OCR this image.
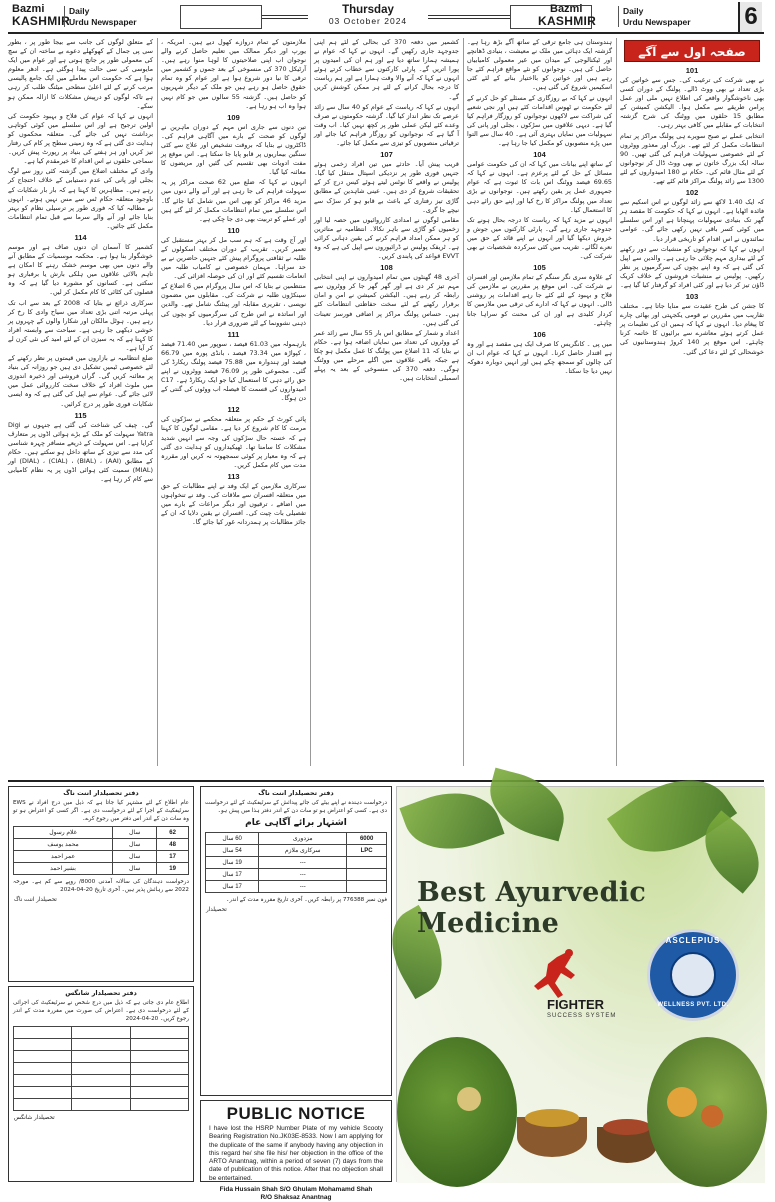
Bazmi
KASHMIR
Daily
Urdu Newspaper
Thursday
03 October 2024
Bazmi
KASHMIR
Daily
Urdu Newspaper 6

کے متعلق لوگوں کی جانب سے بیجا طور پر ، بطور سی پی جمال کے کھوکھلے دعوے بے ساختہ ان کے سچ کی معمولی طور پر جانچ ہوتی ہے اور عوام میں ایک مایوسی کی سی حالت پیدا ہوگئی ہے۔ ادھر معلوم ہوا ہے کہ حکومت اس معاملے میں ایک جامع پالیسی مرتب کرنے کے لئے اعلیٰ سطحی میٹنگ طلب کر رہی ہے تاکہ لوگوں کو درپیش مشکلات کا ازالہ ممکن ہو سکے۔

انہوں نے کہا کہ عوام کی فلاح و بہبود حکومت کی اولین ترجیح ہے اور اس سلسلے میں کوئی کوتاہی برداشت نہیں کی جائے گی۔ متعلقہ محکموں کو ہدایت دی گئی ہے کہ وہ زمینی سطح پر کام کی رفتار تیز کریں اور ہر ہفتے کی بنیاد پر رپورٹ پیش کریں۔ سماجی حلقوں نے اس اقدام کا خیرمقدم کیا ہے۔

وادی کے مختلف اضلاع میں گزشتہ کئی روز سے لوگ بجلی اور پانی کی عدم دستیابی کے خلاف احتجاج کر رہے ہیں۔ مظاہرین کا کہنا ہے کہ بار بار شکایات کے باوجود متعلقہ حکام ٹس سے مس نہیں ہوتے۔ انہوں نے مطالبہ کیا کہ فوری طور پر ترسیلی نظام کو بہتر بنایا جائے اور آنے والے سرما سے قبل تمام انتظامات مکمل کئے جائیں۔

114

کشمیر کا آسمان ان دنوں صاف ہے اور موسم خوشگوار بنا ہوا ہے۔ محکمہ موسمیات کے مطابق آنے والے دنوں میں بھی موسم خشک رہنے کا امکان ہے تاہم بالائی علاقوں میں ہلکی بارش یا برفباری ہو سکتی ہے۔ کسانوں کو مشورہ دیا گیا ہے کہ وہ فصلوں کی کٹائی کا کام مکمل کر لیں۔

سرکاری ذرائع نے بتایا کہ 2008 کے بعد سے اب تک پہلی مرتبہ اتنی بڑی تعداد میں سیاح وادی کا رخ کر رہے ہیں۔ ہوٹل مالکان اور شکارا والوں کے چہروں پر خوشی دیکھی جا رہی ہے۔ سیاحت سے وابستہ افراد کا کہنا ہے کہ یہ سیزن ان کے لئے امید کی نئی کرن لے کر آیا ہے۔

ضلع انتظامیہ نے بازاروں میں قیمتوں پر نظر رکھنے کے لئے خصوصی ٹیمیں تشکیل دی ہیں جو روزانہ کی بنیاد پر معائنہ کریں گی۔ گراں فروشی اور ذخیرہ اندوزی میں ملوث افراد کے خلاف سخت کارروائی عمل میں لائی جائے گی۔ عوام سے اپیل کی گئی ہے کہ وہ ایسی شکایات فوری طور پر درج کرائیں۔

115

گی۔ چیف کی شناخت کی گئی ہے جنہوں نے Digi Yatra سہولت کو ملک کے بڑے ہوائی اڈوں پر متعارف کرایا ہے۔ اس سہولت کے ذریعے مسافر چہرہ شناسی کی مدد سے تیزی کے ساتھ داخل ہو سکتے ہیں۔ حکام کے مطابق (AAI) ، (BIAL) ، (CIAL) ، (DIAL) اور (MIAL) سمیت کئی ہوائی اڈوں پر یہ نظام کامیابی سے کام کر رہا ہے۔

ملازمتوں کے تمام دروازے کھول دیے ہیں۔ امریکہ ، یورپ اور دیگر ممالک میں تعلیم حاصل کرنے والے نوجوان اب اپنی صلاحیتوں کا لوہا منوا رہے ہیں۔ آرٹیکل 370 کی منسوخی کے بعد جموں و کشمیر میں ترقی کا نیا دور شروع ہوا ہے اور عوام کو وہ تمام حقوق حاصل ہو رہے ہیں جو ملک کے دیگر شہریوں کو حاصل ہیں۔ گزشتہ 55 سالوں میں جو کام نہیں ہوا وہ اب ہو رہا ہے۔

109

تین دنوں سے جاری اس مہم کے دوران ماہرین نے لوگوں کو صحت کے بارے میں آگاہی فراہم کی۔ ڈاکٹروں نے بتایا کہ بروقت تشخیص اور علاج سے کئی سنگین بیماریوں پر قابو پایا جا سکتا ہے۔ اس موقع پر مفت ادویات بھی تقسیم کی گئیں اور مریضوں کا معائنہ کیا گیا۔

انہوں نے کہا کہ ضلع میں 62 صحت مراکز پر یہ سہولت فراہم کی جا رہی ہے اور آنے والے دنوں میں مزید 46 مراکز کو بھی اس میں شامل کیا جائے گا۔ اس سلسلے میں تمام انتظامات مکمل کر لئے گئے ہیں اور عملے کو تربیت بھی دی جا چکی ہے۔

110

اور آج وقت ہے کہ ہم سب مل کر بہتر مستقبل کی تعمیر کریں۔ تقریب کے دوران مختلف اسکولوں کے طلبہ نے ثقافتی پروگرام پیش کئے جنہیں حاضرین نے بے حد سراہا۔ مہمان خصوصی نے کامیاب طلبہ میں انعامات تقسیم کئے اور ان کی حوصلہ افزائی کی۔

منتظمین نے بتایا کہ اس سال پروگرام میں 6 اضلاع کے سینکڑوں طلبہ نے شرکت کی۔ مقابلوں میں مضمون نویسی ، تقریری مقابلہ اور پینٹنگ شامل تھے۔ والدین اور اساتذہ نے اس طرح کی سرگرمیوں کو بچوں کی ذہنی نشوونما کے لئے ضروری قرار دیا۔

111

بارہمولہ میں 61.03 فیصد ، سوپور میں 71.40 فیصد ، کپواڑہ میں 73.34 فیصد ، بانڈی پورہ میں 66.79 فیصد اور ہندوارہ میں 75.88 فیصد پولنگ ریکارڈ کی گئی۔ مجموعی طور پر 76.09 فیصد ووٹروں نے اپنے حق رائے دہی کا استعمال کیا جو ایک ریکارڈ ہے۔ C17 امیدواروں کی قسمت کا فیصلہ اب ووٹوں کی گنتی کے دن ہوگا۔

112

پائی کورٹ کے حکم پر متعلقہ محکمے نے سڑکوں کی مرمت کا کام شروع کر دیا ہے۔ مقامی لوگوں کا کہنا ہے کہ خستہ حال سڑکوں کی وجہ سے انہیں شدید مشکلات کا سامنا تھا۔ ٹھیکیداروں کو ہدایت دی گئی ہے کہ وہ معیار پر کوئی سمجھوتہ نہ کریں اور مقررہ مدت میں کام مکمل کریں۔

113

سرکاری ملازمین کے ایک وفد نے اپنے مطالبات کے حق میں متعلقہ افسران سے ملاقات کی۔ وفد نے تنخواہوں میں اضافے ، ترقیوں اور دیگر مراعات کے بارے میں تفصیلی بات چیت کی۔ افسران نے یقین دلایا کہ ان کے جائز مطالبات پر ہمدردانہ غور کیا جائے گا۔

کشمیر میں دفعہ 370 کی بحالی کے لئے ہم اپنی جدوجہد جاری رکھیں گے۔ انہوں نے کہا کہ عوام نے ہمیشہ ہمارا ساتھ دیا ہے اور ہم ان کی امیدوں پر پورا اتریں گے۔ پارٹی کارکنوں سے خطاب کرتے ہوئے انہوں نے کہا کہ آنے والا وقت ہمارا ہے اور ہم ریاست کا درجہ بحال کرانے کے لئے ہر ممکن کوشش کریں گے۔

انہوں نے کہا کہ ریاست کے عوام کو 40 سال سے زائد عرصے تک نظر انداز کیا گیا۔ گزشتہ حکومتوں نے صرف وعدے کئے لیکن عملی طور پر کچھ نہیں کیا۔ اب وقت آ گیا ہے کہ نوجوانوں کو روزگار فراہم کیا جائے اور ترقیاتی منصوبوں کو تیزی سے مکمل کیا جائے۔

107

قریب پیش آیا۔ حادثے میں تین افراد زخمی ہوئے جنہیں فوری طور پر نزدیکی اسپتال منتقل کیا گیا۔ پولیس نے واقعے کا نوٹس لیتے ہوئے کیس درج کر کے تحقیقات شروع کر دی ہیں۔ عینی شاہدین کے مطابق گاڑی تیز رفتاری کے باعث بے قابو ہو کر سڑک سے نیچے جا گری۔

مقامی لوگوں نے امدادی کارروائیوں میں حصہ لیا اور زخمیوں کو گاڑی سے باہر نکالا۔ انتظامیہ نے متاثرین کو ہر ممکن امداد فراہم کرنے کی یقین دہانی کرائی ہے۔ ٹریفک پولیس نے ڈرائیوروں سے اپیل کی ہے کہ وہ EVVT قواعد کی پابندی کریں۔

108

آخری 48 گھنٹوں میں تمام امیدواروں نے اپنی انتخابی مہم تیز کر دی ہے اور گھر گھر جا کر ووٹروں سے رابطہ کر رہے ہیں۔ الیکشن کمیشن نے امن و امان برقرار رکھنے کے لئے سخت حفاظتی انتظامات کئے ہیں۔ حساس پولنگ مراکز پر اضافی فورسز تعینات کی گئی ہیں۔

اعداد و شمار کے مطابق اس بار 55 سال سے زائد عمر کے ووٹروں کی تعداد میں نمایاں اضافہ ہوا ہے۔ حکام نے بتایا کہ 11 اضلاع میں پولنگ کا عمل مکمل ہو چکا ہے جبکہ باقی علاقوں میں اگلے مرحلے میں ووٹنگ ہوگی۔ دفعہ 370 کی منسوخی کے بعد یہ پہلے اسمبلی انتخابات ہیں۔

ہندوستان ہی جامع ترقی کے ساتھ آگے بڑھ رہا ہے۔ گزشتہ ایک دہائی میں ملک نے معیشت ، بنیادی ڈھانچے اور ٹیکنالوجی کے میدان میں غیر معمولی کامیابیاں حاصل کی ہیں۔ نوجوانوں کو نئے مواقع فراہم کئے جا رہے ہیں اور خواتین کو بااختیار بنانے کے لئے کئی اسکیمیں شروع کی گئی ہیں۔

انہوں نے کہا کہ بے روزگاری کے مسئلے کو حل کرنے کے لئے حکومت نے ٹھوس اقدامات کئے ہیں اور نجی شعبے کی شراکت سے لاکھوں نوجوانوں کو روزگار فراہم کیا گیا ہے۔ دیہی علاقوں میں سڑکوں ، بجلی اور پانی کی سہولیات میں نمایاں بہتری آئی ہے۔ 40 سال سے التوا میں پڑے منصوبوں کو مکمل کیا جا رہا ہے۔

104

کے ساتھ اپنے بیانات میں کہا کہ ان کی حکومت عوامی مسائل کے حل کے لئے پرعزم ہے۔ انہوں نے کہا کہ 69.65 فیصد ووٹنگ اس بات کا ثبوت ہے کہ عوام جمہوری عمل پر یقین رکھتے ہیں۔ نوجوانوں نے بڑی تعداد میں پولنگ مراکز کا رخ کیا اور اپنے حق رائے دہی کا استعمال کیا۔

انہوں نے مزید کہا کہ ریاست کا درجہ بحال ہونے تک جدوجہد جاری رہے گی۔ پارٹی کارکنوں میں جوش و خروش دیکھا گیا اور انہوں نے اپنے قائد کے حق میں نعرے لگائے۔ تقریب میں کئی سرکردہ شخصیات نے بھی شرکت کی۔

105

کے علاوہ سری نگر سنگم کے تمام ملازمین اور افسران نے شرکت کی۔ اس موقع پر مقررین نے ملازمین کی فلاح و بہبود کے لئے کئے جا رہے اقدامات پر روشنی ڈالی۔ انہوں نے کہا کہ ادارے کی ترقی میں ملازمین کا کردار کلیدی ہے اور ان کی محنت کو سراہا جانا چاہئے۔

106

میں پی ۔ کانگریس کا صرف ایک ہی مقصد ہے اور وہ ہے اقتدار حاصل کرنا۔ انہوں نے کہا کہ عوام اب ان کی چالوں کو سمجھ چکے ہیں اور انہیں دوبارہ دھوکہ نہیں دیا جا سکتا۔

صفحہ اول سے آگے
101

نے بھی شرکت کی ترغیب کی۔ جس سے خواتین کی بڑی تعداد نے بھی ووٹ ڈالے۔ پولنگ کے دوران کسی بھی ناخوشگوار واقعے کی اطلاع نہیں ملی اور عمل پرامن طریقے سے مکمل ہوا۔ الیکشن کمیشن کے مطابق 15 حلقوں میں ووٹنگ کی شرح گزشتہ انتخابات کے مقابلے میں کافی بہتر رہی۔

انتخابی عملے نے صبح سویرے ہی پولنگ مراکز پر تمام انتظامات مکمل کر لئے تھے۔ بزرگ اور معذور ووٹروں کے لئے خصوصی سہولیات فراہم کی گئی تھیں۔ 90 سالہ ایک بزرگ خاتون نے بھی ووٹ ڈال کر نوجوانوں کے لئے مثال قائم کی۔ حکام نے 180 امیدواروں کے لئے 1300 سے زائد پولنگ مراکز قائم کئے تھے۔

102

کہ ایک 1.40 لاکھ سے زائد لوگوں نے اس اسکیم سے فائدہ اٹھایا ہے۔ انہوں نے کہا کہ حکومت کا مقصد ہر گھر تک بنیادی سہولیات پہنچانا ہے اور اس سلسلے میں کوئی کسر باقی نہیں رکھی جائے گی۔ عوامی نمائندوں نے اس اقدام کو تاریخی قرار دیا۔

انہوں نے کہا کہ نوجوانوں کو منشیات سے دور رکھنے کے لئے بیداری مہم چلائی جا رہی ہے۔ والدین سے اپیل کی گئی ہے کہ وہ اپنے بچوں کی سرگرمیوں پر نظر رکھیں۔ پولیس نے منشیات فروشوں کے خلاف کریک ڈاؤن تیز کر دیا ہے اور کئی افراد کو گرفتار کیا گیا ہے۔

103

کا جشن کی طرح عقیدت سے منایا جاتا ہے۔ مختلف تقاریب میں مقررین نے قومی یکجہتی اور بھائی چارے کا پیغام دیا۔ انہوں نے کہا کہ ہمیں ان کی تعلیمات پر عمل کرتے ہوئے معاشرے سے برائیوں کا خاتمہ کرنا چاہئے۔ اس موقع پر 140 کروڑ ہندوستانیوں کی خوشحالی کے لئے دعا کی گئی۔

دفتر تحصیلدار اننت ناگ
عام اطلاع کے لئے مشتہر کیا جاتا ہے کہ ذیل میں درج افراد نے EWS سرٹیفکیٹ کے اجرا کے لئے درخواست دی ہے۔ اگر کسی کو اعتراض ہو تو وہ سات دن کے اندر اس دفتر میں رجوع کرے۔
62	سال	غلام رسول
48	سال	محمد یوسف
17	سال	عمر احمد
19	سال	بشیر احمد
درخواست دہندگان کی سالانہ آمدنی 8000/ روپے سے کم ہے۔ مورخہ 2022 سے رہائش پذیر ہیں۔ آخری تاریخ 20-04-2024
تحصیلدار اننت ناگ
دفتر تحصیلدار شانگس
اطلاع عام دی جاتی ہے کہ ذیل میں درج شخص نے سرٹیفکیٹ کی اجرائی کے لئے درخواست دی ہے۔ اعتراض کی صورت میں مقررہ مدت کے اندر رجوع کریں۔ 20-04-2024

تحصیلدار شانگس
دفتر تحصیلدار اننت ناگ
درخواست دہندہ نے اپنے بیٹے کی جائے پیدائش کے سرٹیفکیٹ کے لئے درخواست دی ہے۔ کسی کو اعتراض ہو تو سات دن کے اندر دفتر ہذا میں پیش ہو۔
اشتہار برائے آگاہی عام
6000	مزدوری	60 سال
LPC	سرکاری ملازم	54 سال
	---	19 سال
	---	17 سال
	---	17 سال
فون نمبر 776388 پر رابطہ کریں۔ آخری تاریخ مقررہ مدت کے اندر۔
تحصیلدار
PUBLIC NOTICE
I have lost the HSRP Number Plate of my vehicle Scooty Bearing Registration No.JK03E-8533. Now I am applying for the duplicate of the same if anybody having any objection in this regard he/ she file his/ her objection in the office of the ARTO Anantnag, within a period of seven (7) days from the date of publication of this notice. After that no objection shall be entertained.
Fida Hussain Shah S/O Ghulam Mohamamd Shah
R/O Shaksaz Anantnag
Best Ayurvedic Medicine
FIGHTER
SUCCESS SYSTEM
ASCLEPIUS
WELLNESS PVT. LTD.
